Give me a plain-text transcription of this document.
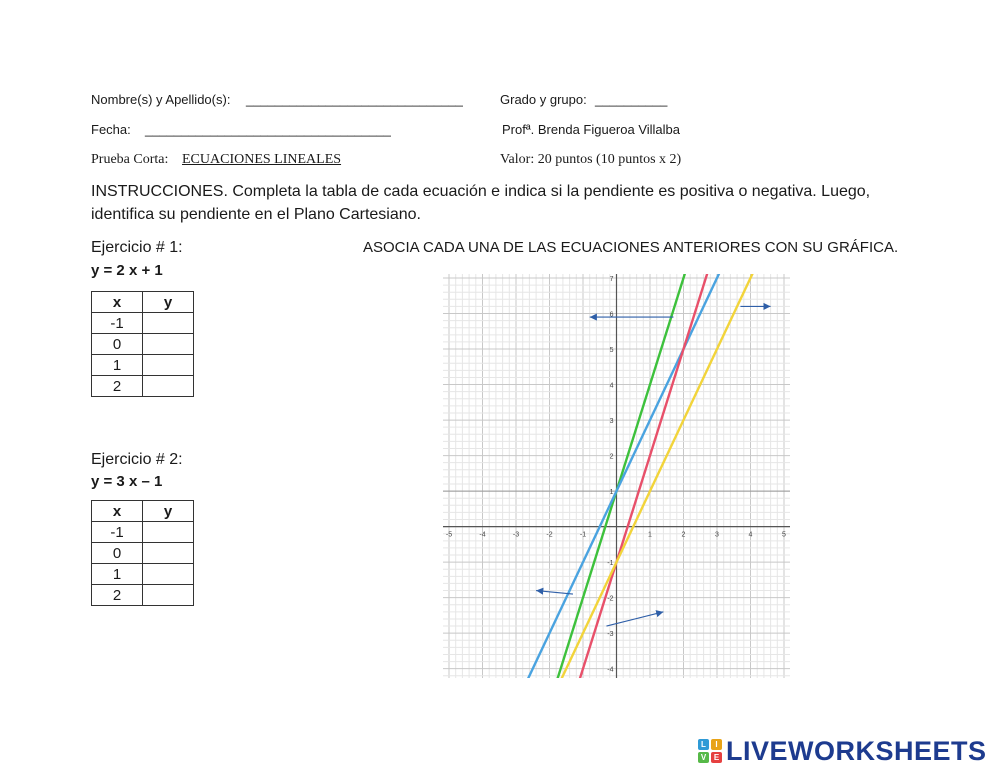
Nombre(s) y Apellido(s): ______________________________	Grado y grupo: __________
Fecha: __________________________________	Profª. Brenda Figueroa Villalba
Prueba Corta: ECUACIONES LINEALES	Valor: 20 puntos (10 puntos x 2)
INSTRUCCIONES. Completa la tabla de cada ecuación e indica si la pendiente es positiva o negativa. Luego, identifica su pendiente en el Plano Cartesiano.
Ejercicio # 1:
y = 2 x + 1
x	y
-1	
0	
1	
2	
Ejercicio # 2:
y = 3 x – 1
x	y
-1	
0	
1	
2	
ASOCIA CADA UNA DE LAS ECUACIONES ANTERIORES CON SU GRÁFICA.
-5	-4	-3	-2	-1	1	2	3	4	5
7
6
5
4
3
2
1
-1
-2
-3
-4
L	I
V E LIVEWORKSHEETS
